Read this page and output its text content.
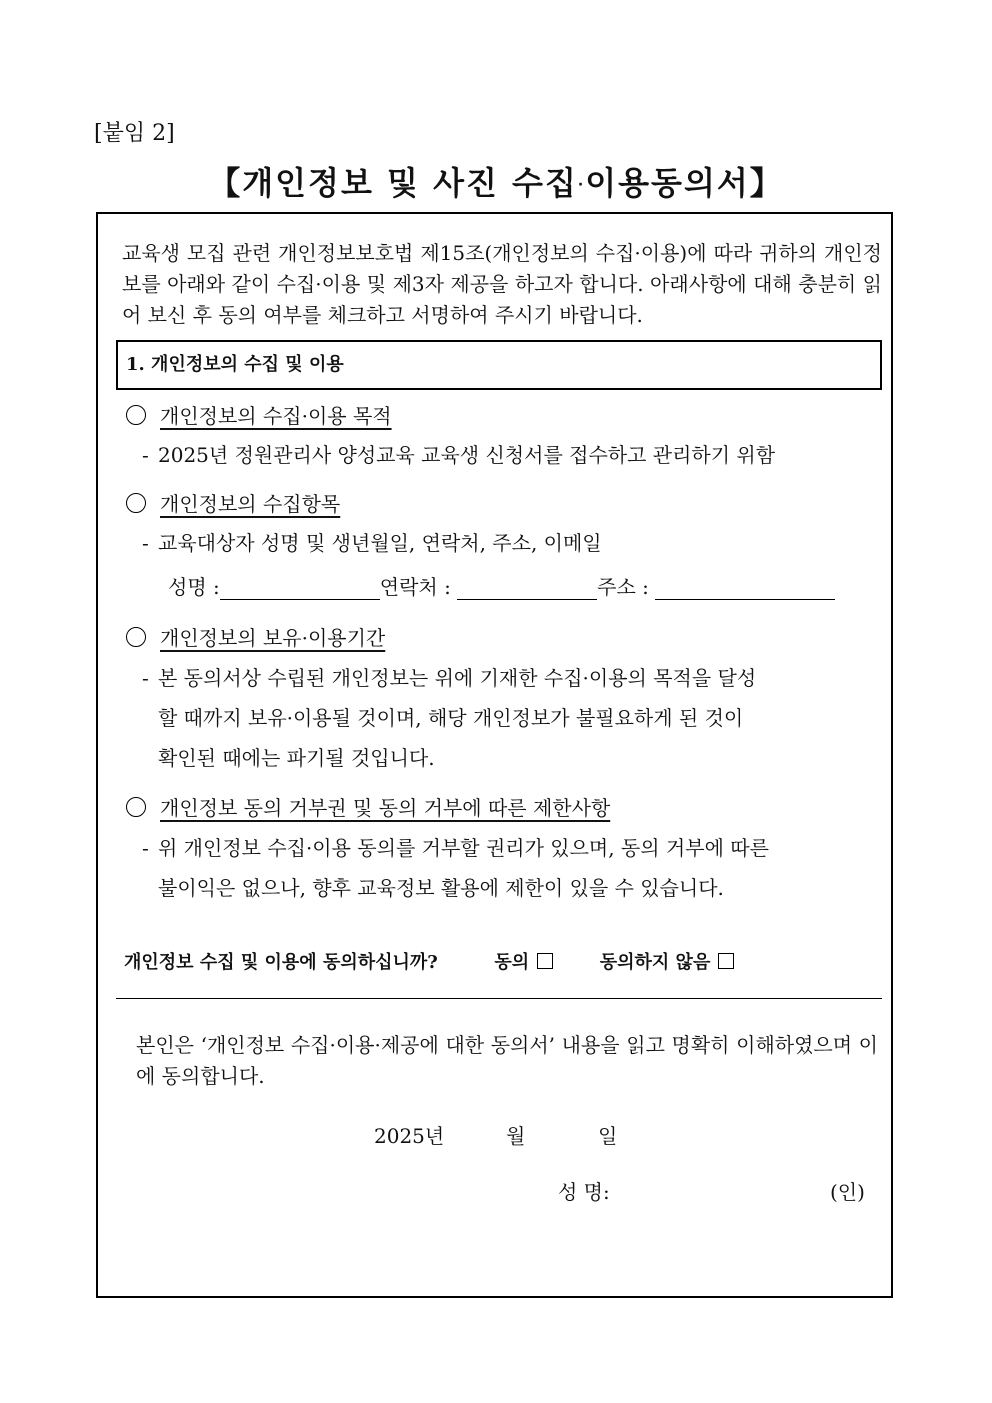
[붙임 2]
【개인정보 및 사진 수집·이용동의서】
교육생 모집 관련 개인정보보호법 제15조(개인정보의 수집·이용)에 따라 귀하의 개인정보를 아래와 같이 수집·이용 및 제3자 제공을 하고자 합니다. 아래사항에 대해 충분히 읽어 보신 후 동의 여부를 체크하고 서명하여 주시기 바랍니다.
1. 개인정보의 수집 및 이용
개인정보의 수집·이용 목적
- 2025년 정원관리사 양성교육 교육생 신청서를 접수하고 관리하기 위함
개인정보의 수집항목
- 교육대상자 성명 및 생년월일, 연락처, 주소, 이메일
성명 :	연락처 :	주소 :
개인정보의 보유·이용기간
- 본 동의서상 수립된 개인정보는 위에 기재한 수집·이용의 목적을 달성
할 때까지 보유·이용될 것이며, 해당 개인정보가 불필요하게 된 것이
확인된 때에는 파기될 것입니다.
개인정보 동의 거부권 및 동의 거부에 따른 제한사항
- 위 개인정보 수집·이용 동의를 거부할 권리가 있으며, 동의 거부에 따른
불이익은 없으나, 향후 교육정보 활용에 제한이 있을 수 있습니다.
개인정보 수집 및 이용에 동의하십니까?	동의	동의하지 않음
본인은 ‘개인정보 수집·이용·제공에 대한 동의서’ 내용을 읽고 명확히 이해하였으며 이에 동의합니다.
2025년	월	일
성 명:	(인)
